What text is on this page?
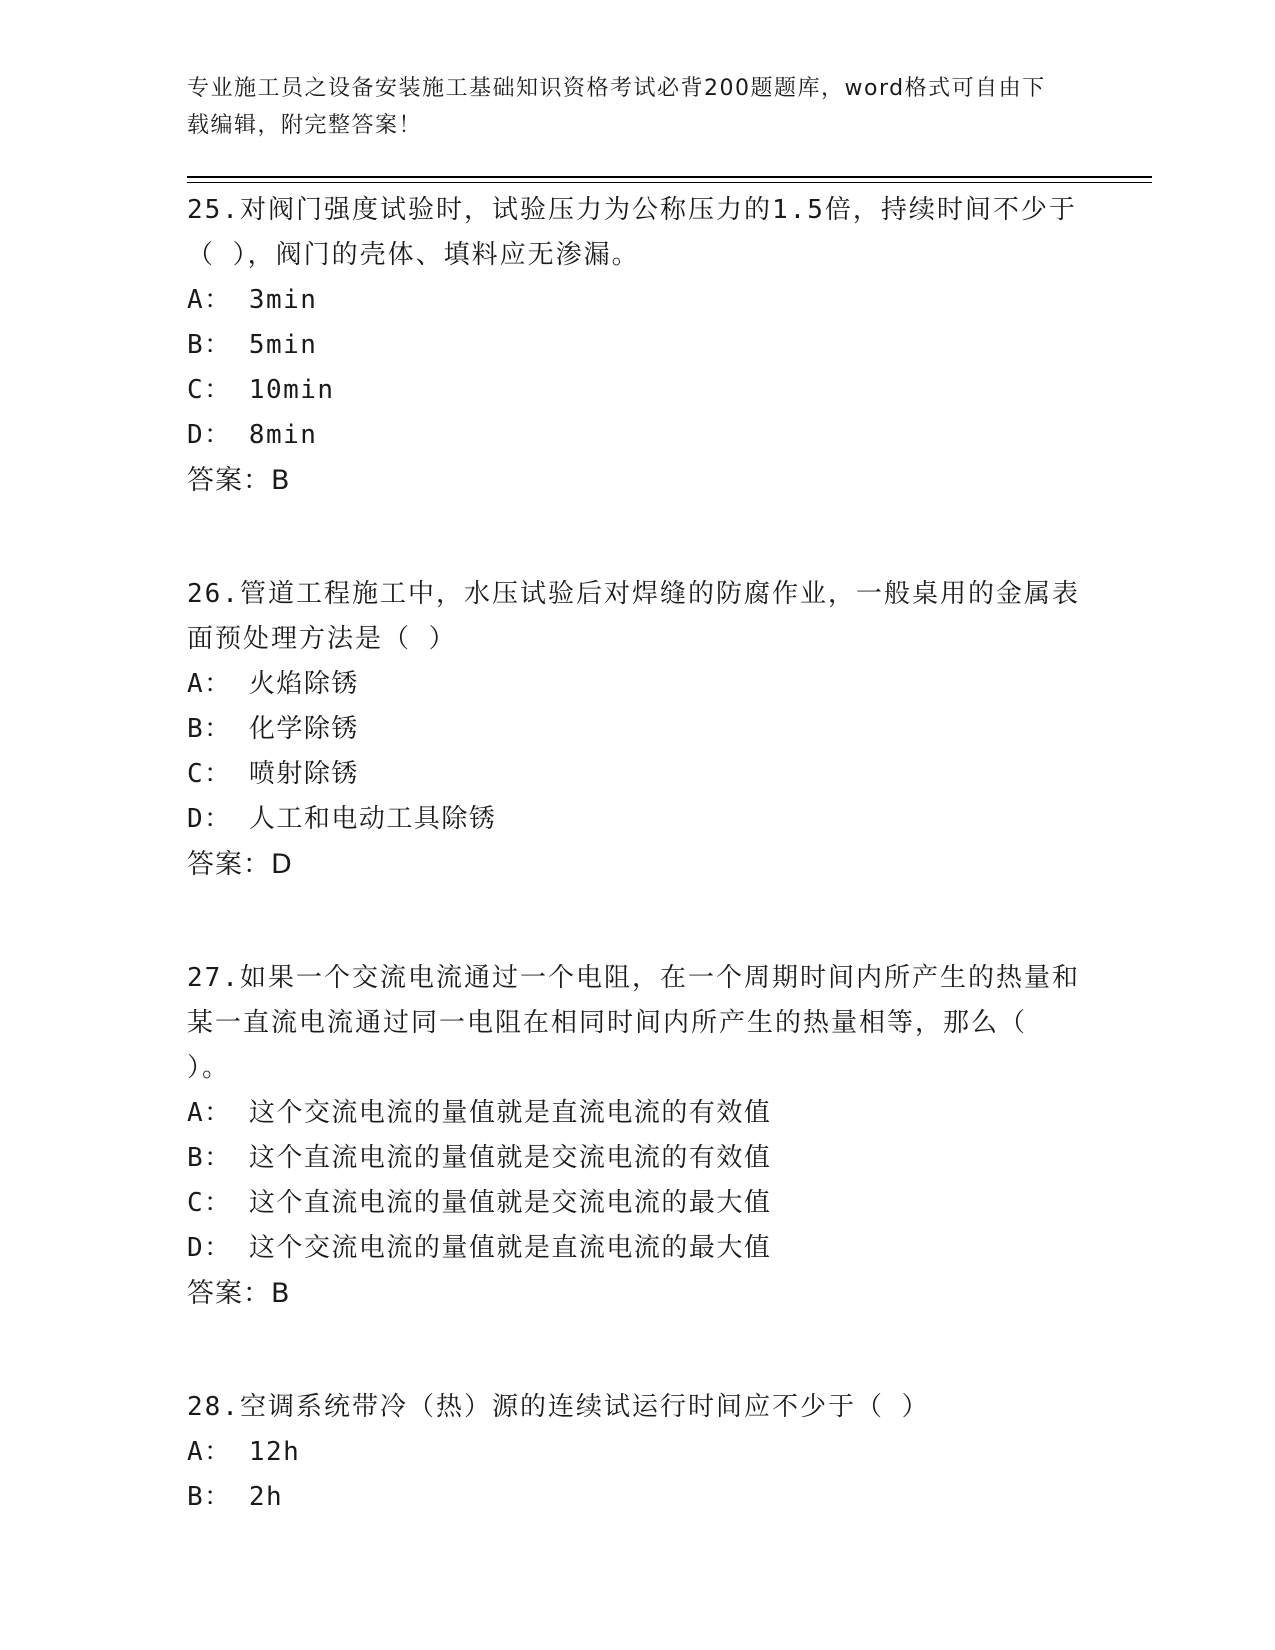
专业施工员之设备安装施工基础知识资格考试必背200题题库，word格式可自由下载编辑，附完整答案！

25.对阀门强度试验时，试验压力为公称压力的1.5倍，持续时间不少于（ ），阀门的壳体、填料应无渗漏。

A ： 3min

B ： 5min

C ： 10min

D ： 8min

答案：B

26.管道工程施工中，水压试验后对焊缝的防腐作业，一般桌用的金属表面预处理方法是（ ）

A ： 火焰除锈

B ： 化学除锈

C ： 喷射除锈

D ： 人工和电动工具除锈

答案：D

27.如果一个交流电流通过一个电阻，在一个周期时间内所产生的热量和某一直流电流通过同一电阻在相同时间内所产生的热量相等，那么（ ）。

A ： 这个交流电流的量值就是直流电流的有效值

B ： 这个直流电流的量值就是交流电流的有效值

C ： 这个直流电流的量值就是交流电流的最大值

D ： 这个交流电流的量值就是直流电流的最大值

答案：B

28.空调系统带冷（热）源的连续试运行时间应不少于（ ）

A ： 12h

B ： 2h
